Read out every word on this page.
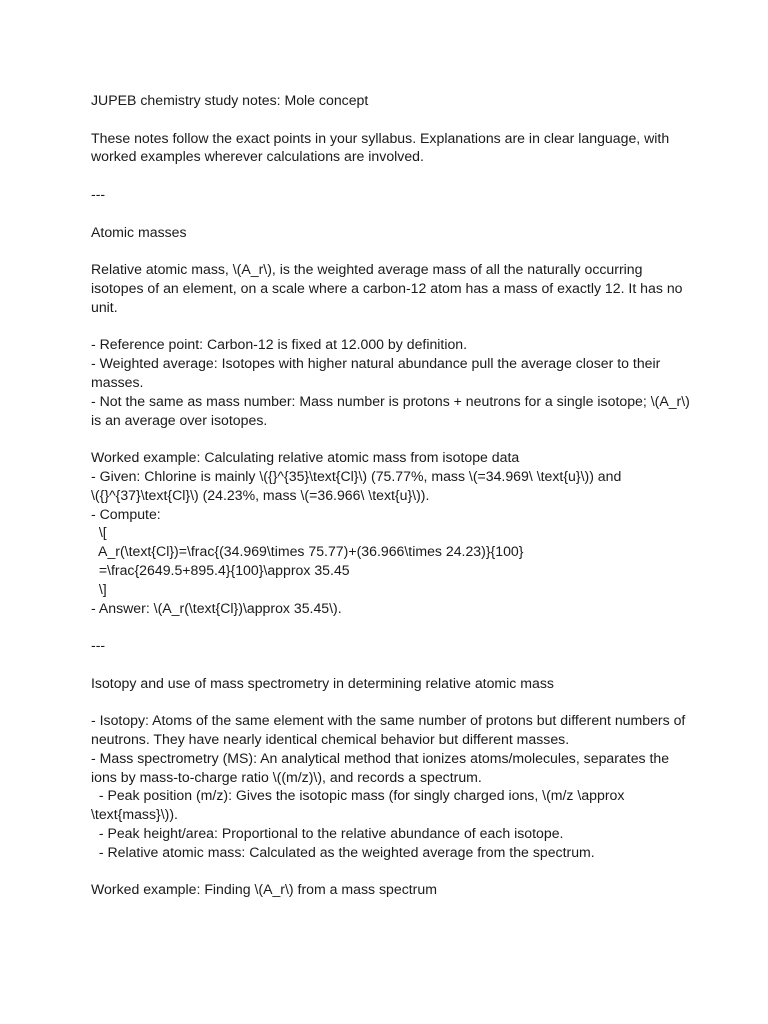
JUPEB chemistry study notes: Mole concept
These notes follow the exact points in your syllabus. Explanations are in clear language, with
worked examples wherever calculations are involved.
---
Atomic masses
Relative atomic mass, \(A_r\), is the weighted average mass of all the naturally occurring
isotopes of an element, on a scale where a carbon-12 atom has a mass of exactly 12. It has no
unit.
- Reference point: Carbon-12 is fixed at 12.000 by definition.
- Weighted average: Isotopes with higher natural abundance pull the average closer to their
masses.
- Not the same as mass number: Mass number is protons + neutrons for a single isotope; \(A_r\)
is an average over isotopes.
Worked example: Calculating relative atomic mass from isotope data
- Given: Chlorine is mainly \({}^{35}\text{Cl}\) (75.77%, mass \(=34.969\ \text{u}\)) and
\({}^{37}\text{Cl}\) (24.23%, mass \(=36.966\ \text{u}\)).
- Compute:
\[
A_r(\text{Cl})=\frac{(34.969\times 75.77)+(36.966\times 24.23)}{100}
=\frac{2649.5+895.4}{100}\approx 35.45
\]
- Answer: \(A_r(\text{Cl})\approx 35.45\).
---
Isotopy and use of mass spectrometry in determining relative atomic mass
- Isotopy: Atoms of the same element with the same number of protons but different numbers of
neutrons. They have nearly identical chemical behavior but different masses.
- Mass spectrometry (MS): An analytical method that ionizes atoms/molecules, separates the
ions by mass-to-charge ratio \((m/z)\), and records a spectrum.
- Peak position (m/z): Gives the isotopic mass (for singly charged ions, \(m/z \approx
\text{mass}\)).
- Peak height/area: Proportional to the relative abundance of each isotope.
- Relative atomic mass: Calculated as the weighted average from the spectrum.
Worked example: Finding \(A_r\) from a mass spectrum
